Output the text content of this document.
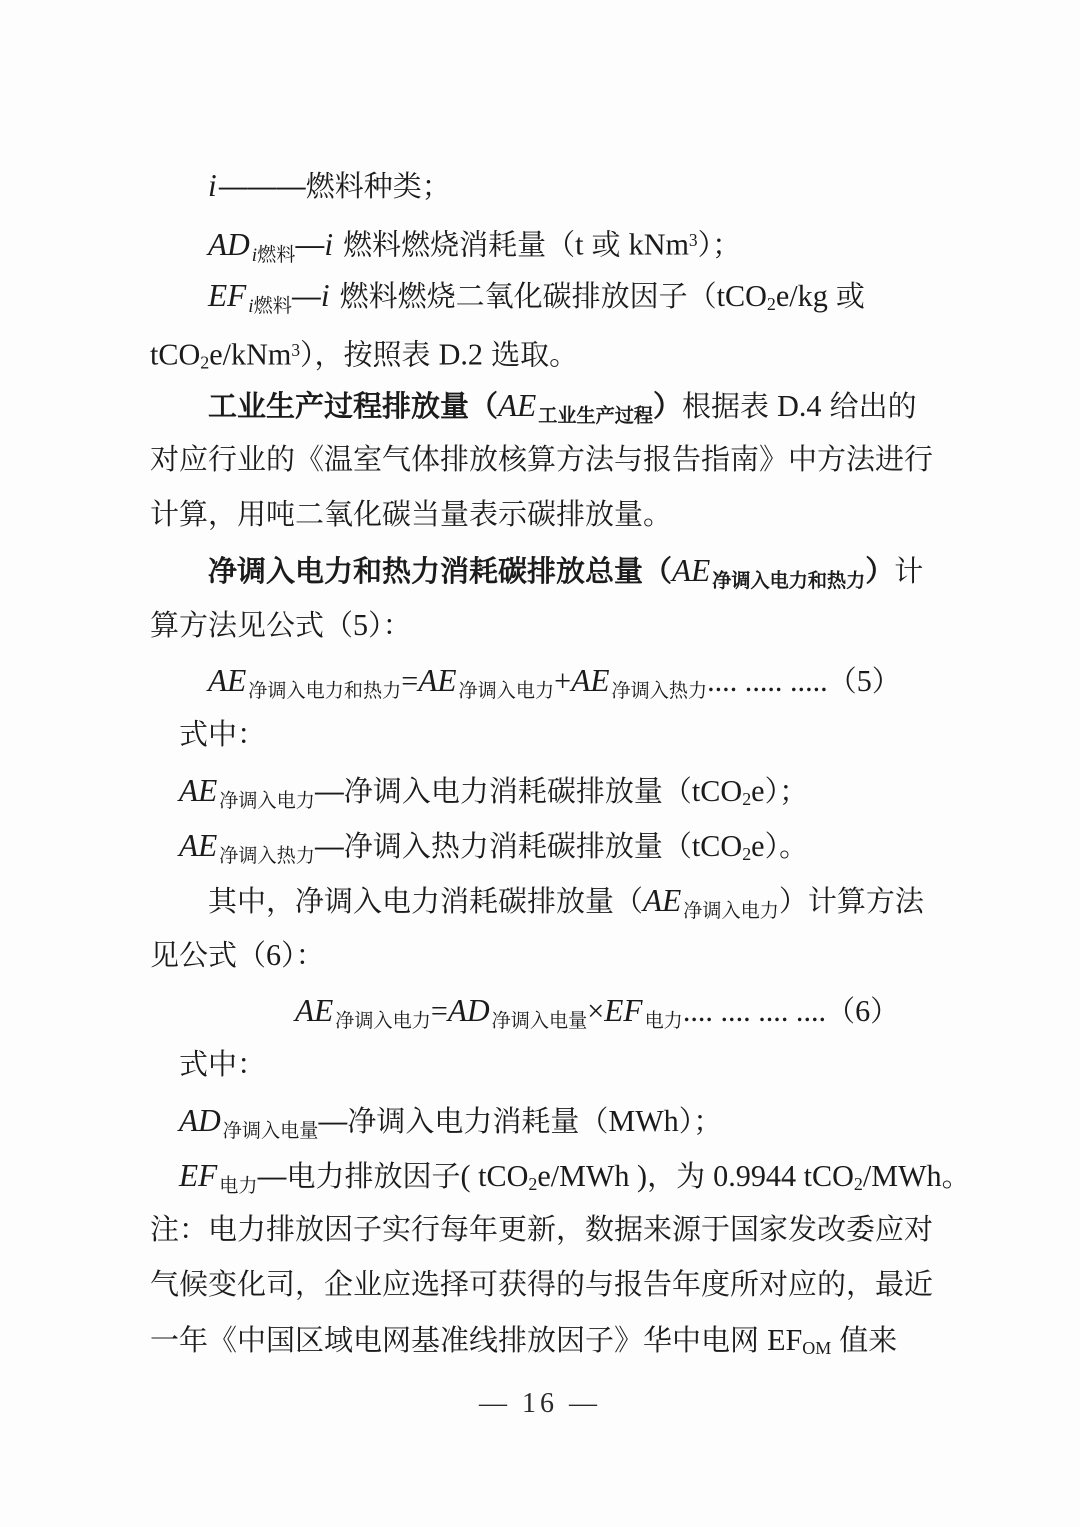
i———燃料种类；
AD $_{i燃料}$—i 燃料燃烧消耗量（t 或 kNm$^3$）；
EF $_{i燃料}$—i 燃料燃烧二氧化碳排放因子（tCO2e/kg 或
tCO2e/kNm$^3$），按照表 D.2 选取。
工业生产过程排放量（AE $_{工业生产过程}$）根据表 D.4 给出的
对应行业的《温室气体排放核算方法与报告指南》中方法进行
计算，用吨二氧化碳当量表示碳排放量。
净调入电力和热力消耗碳排放总量（AE $_{净调入电力和热力}$）计
算方法见公式（5）：
AE $_{净调入电力和热力}$=AE $_{净调入电力}$+AE $_{净调入热力}$.... ..... .....（5）
式中：
AE $_{净调入电力}$—净调入电力消耗碳排放量（tCO2e）；
AE $_{净调入热力}$—净调入热力消耗碳排放量（tCO2e）。
其中，净调入电力消耗碳排放量（AE $_{净调入电力}$）计算方法
见公式（6）：
AE $_{净调入电力}$=AD $_{净调入电量}$×EF $_{电力}$.... .... .... ....（6）
式中：
AD $_{净调入电量}$—净调入电力消耗量（MWh）；
EF $_{电力}$—电力排放因子( tCO2e/MWh )，为 0.9944 tCO2/MWh。
注：电力排放因子实行每年更新，数据来源于国家发改委应对
气候变化司，企业应选择可获得的与报告年度所对应的，最近
一年《中国区域电网基准线排放因子》华中电网 EFOM 值来
— 16 —
